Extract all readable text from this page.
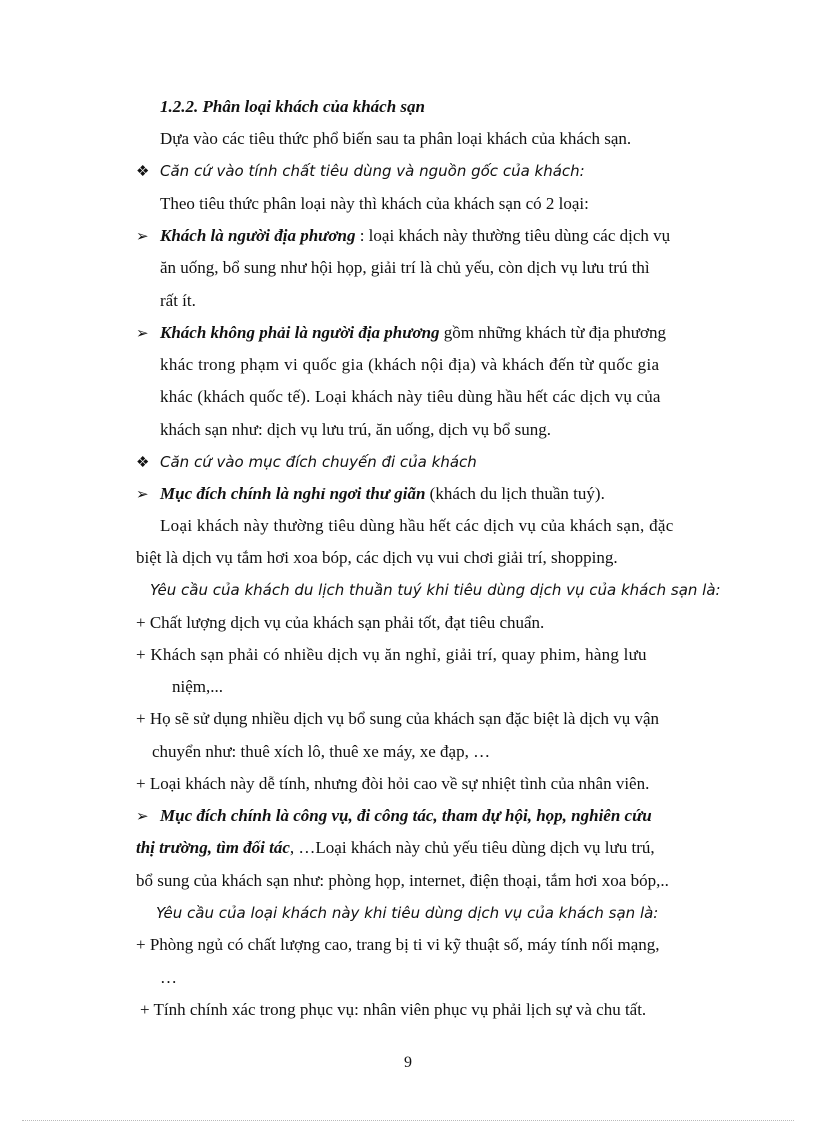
1.2.2. Phân loại khách của khách sạn
Dựa vào các tiêu thức phổ biến sau ta phân loại khách của khách sạn.
❖ Căn cứ vào tính chất tiêu dùng và nguồn gốc của khách:
Theo tiêu thức phân loại này thì khách của khách sạn có 2 loại:
➢ Khách là người địa phương : loại khách này thường tiêu dùng các dịch vụ
ăn uống, bổ sung như hội họp, giải trí là chủ yếu, còn dịch vụ lưu trú thì
rất ít.
➢ Khách không phải là người địa phương gồm những khách từ địa phương
khác trong phạm vi quốc gia (khách nội địa) và khách đến từ quốc gia
khác (khách quốc tế). Loại khách này tiêu dùng hầu hết các dịch vụ của
khách sạn như: dịch vụ lưu trú, ăn uống, dịch vụ bổ sung.
❖ Căn cứ vào mục đích chuyến đi của khách
➢ Mục đích chính là nghỉ ngơi thư giãn (khách du lịch thuần tuý).
Loại khách này thường tiêu dùng hầu hết các dịch vụ của khách sạn, đặc
biệt là dịch vụ tắm hơi xoa bóp, các dịch vụ vui chơi giải trí, shopping.
Yêu cầu của khách du lịch thuần tuý khi tiêu dùng dịch vụ của khách sạn là:
+ Chất lượng dịch vụ của khách sạn phải tốt, đạt tiêu chuẩn.
+ Khách sạn phải có nhiều dịch vụ ăn nghỉ, giải trí, quay phim, hàng lưu
niệm,...
+ Họ sẽ sử dụng nhiều dịch vụ bổ sung của khách sạn đặc biệt là dịch vụ vận
chuyển như: thuê xích lô, thuê xe máy, xe đạp, …
+ Loại khách này dễ tính, nhưng đòi hỏi cao về sự nhiệt tình của nhân viên.
➢ Mục đích chính là công vụ, đi công tác, tham dự hội, họp, nghiên cứu
thị trường, tìm đối tác, …Loại khách này chủ yếu tiêu dùng dịch vụ lưu trú,
bổ sung của khách sạn như: phòng họp, internet, điện thoại, tắm hơi xoa bóp,..
Yêu cầu của loại khách này khi tiêu dùng dịch vụ của khách sạn là:
+ Phòng ngủ có chất lượng cao, trang bị ti vi kỹ thuật số, máy tính nối mạng,
…
+ Tính chính xác trong phục vụ: nhân viên phục vụ phải lịch sự và chu tất.
9
